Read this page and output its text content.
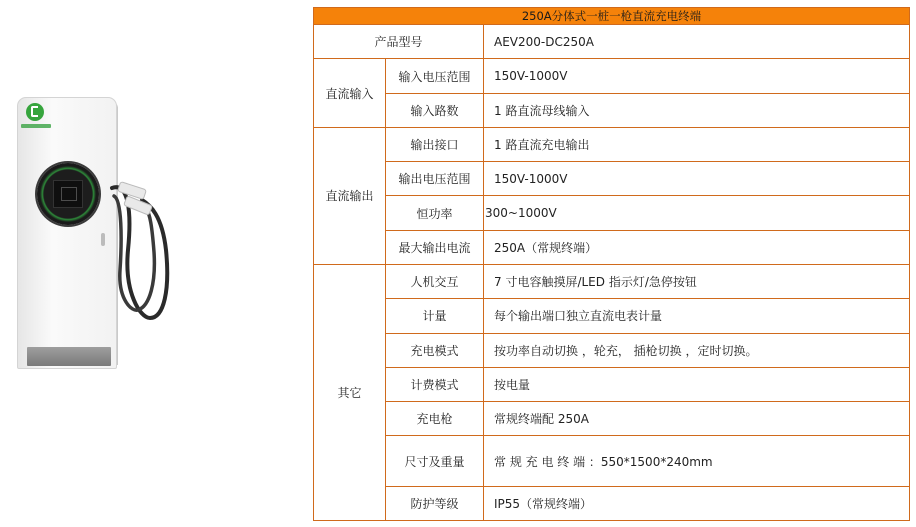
250A分体式一桩一枪直流充电终端		
产品型号		AEV200-DC250A
直流输入	输入电压范围	150V-1000V
	输入路数	1 路直流母线输入
直流输出	输出接口	1 路直流充电输出
	输出电压范围	150V-1000V
	恒功率	300~1000V
	最大输出电流	250A（常规终端）
其它	人机交互	7 寸电容触摸屏/LED 指示灯/急停按钮
	计量	每个输出端口独立直流电表计量
	充电模式	按功率自动切换 ，轮充， 插枪切换 ，定时切换。
	计费模式	按电量
	充电枪	常规终端配 250A
	尺寸及重量	常 规 充 电 终 端 ：550*1500*240mm
	防护等级	IP55（常规终端）
